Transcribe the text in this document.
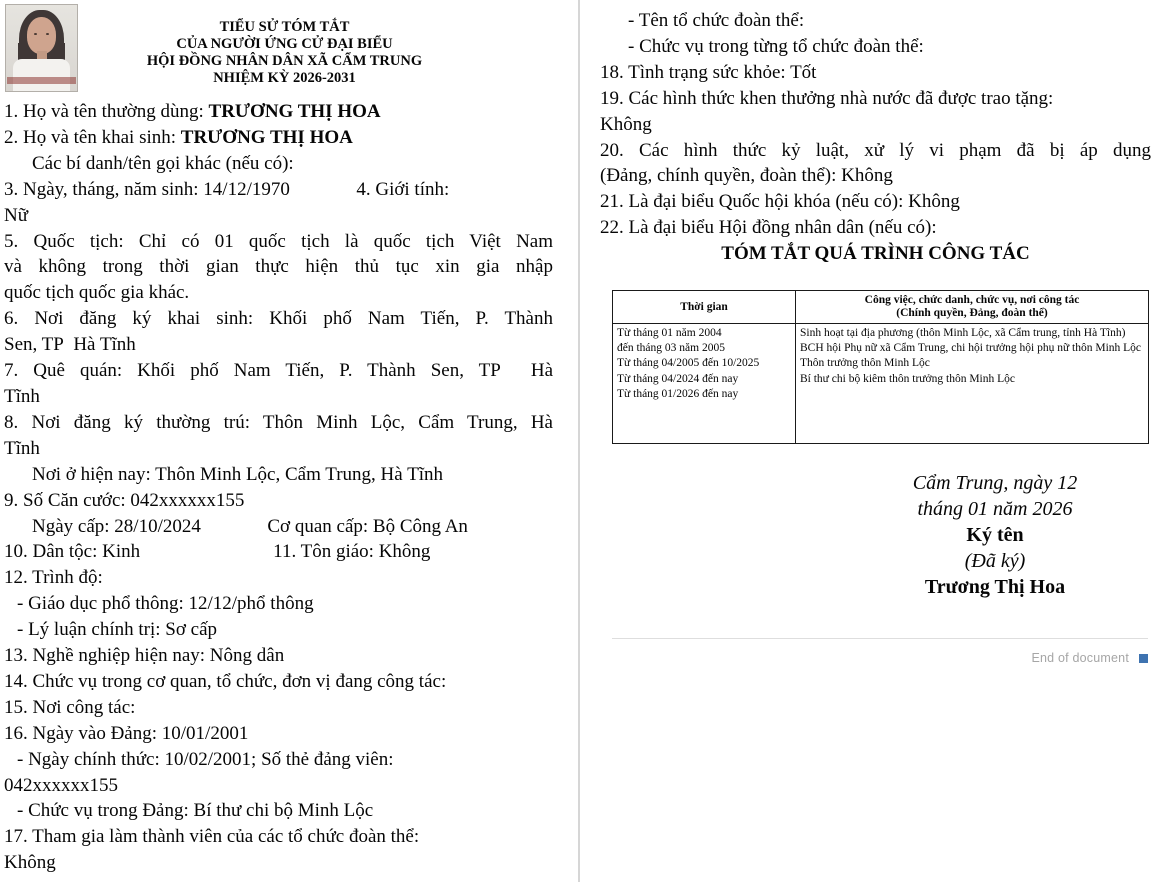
TIỂU SỬ TÓM TẮT
CỦA NGƯỜI ỨNG CỬ ĐẠI BIỂU
HỘI ĐỒNG NHÂN DÂN XÃ CẨM TRUNG
NHIỆM KỲ 2026-2031
1. Họ và tên thường dùng: TRƯƠNG THỊ HOA
2. Họ và tên khai sinh: TRƯƠNG THỊ HOA
Các bí danh/tên gọi khác (nếu có):
3. Ngày, tháng, năm sinh: 14/12/1970              4. Giới tính:
Nữ
5. Quốc tịch: Chỉ có 01 quốc tịch là quốc tịch Việt Nam
và không trong thời gian thực hiện thủ tục xin gia nhập
quốc tịch quốc gia khác.
6. Nơi đăng ký khai sinh: Khối phố Nam Tiến, P. Thành
Sen, TP  Hà Tĩnh
7. Quê quán: Khối phố Nam Tiến, P. Thành Sen, TP  Hà
Tĩnh
8. Nơi đăng ký thường trú: Thôn Minh Lộc, Cẩm Trung, Hà
Tĩnh
Nơi ở hiện nay: Thôn Minh Lộc, Cẩm Trung, Hà Tĩnh
9. Số Căn cước: 042xxxxxx155
Ngày cấp: 28/10/2024              Cơ quan cấp: Bộ Công An
10. Dân tộc: Kinh                            11. Tôn giáo: Không
12. Trình độ:
- Giáo dục phổ thông: 12/12/phổ thông
- Lý luận chính trị: Sơ cấp
13. Nghề nghiệp hiện nay: Nông dân
14. Chức vụ trong cơ quan, tổ chức, đơn vị đang công tác:
15. Nơi công tác:
16. Ngày vào Đảng: 10/01/2001
- Ngày chính thức: 10/02/2001; Số thẻ đảng viên:
042xxxxxx155
- Chức vụ trong Đảng: Bí thư chi bộ Minh Lộc
17. Tham gia làm thành viên của các tổ chức đoàn thể:
Không
- Tên tổ chức đoàn thể:
- Chức vụ trong từng tổ chức đoàn thể:
18. Tình trạng sức khỏe: Tốt
19. Các hình thức khen thưởng nhà nước đã được trao tặng:
Không
20. Các hình thức kỷ luật, xử lý vi phạm đã bị áp dụng
(Đảng, chính quyền, đoàn thể): Không
21. Là đại biểu Quốc hội khóa (nếu có): Không
22. Là đại biểu Hội đồng nhân dân (nếu có):
TÓM TẮT QUÁ TRÌNH CÔNG TÁC
Thời gian
Công việc, chức danh, chức vụ, nơi công tác
(Chính quyền, Đảng, đoàn thể)
Từ tháng 01 năm 2004
đến tháng 03 năm 2005
Từ tháng 04/2005 đến 10/2025
Từ tháng 04/2024 đến nay
Từ tháng 01/2026 đến nay
Sinh hoạt tại địa phương (thôn Minh Lộc, xã Cẩm trung, tỉnh Hà Tĩnh)
BCH hội Phụ nữ xã Cẩm Trung, chi hội trưởng hội phụ nữ thôn Minh Lộc
Thôn trưởng thôn Minh Lộc
Bí thư chi bộ kiêm thôn trưởng thôn Minh Lộc
Cẩm Trung, ngày 12
tháng 01 năm 2026
Ký tên
(Đã ký)
Trương Thị Hoa
End of document
